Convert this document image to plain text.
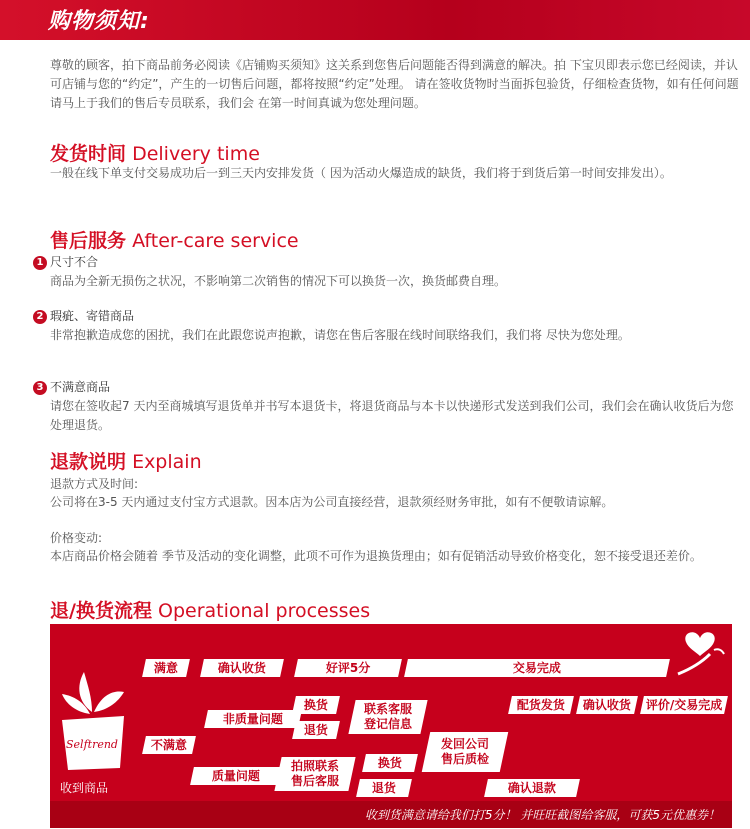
购物须知:

尊敬的顾客，拍下商品前务必阅读《店铺购买须知》这关系到您售后问题能否得到满意的解决。拍 下宝贝即表示您已经阅读，并认可店铺与您的“约定”，产生的一切售后问题，都将按照“约定”处理。 请在签收货物时当面拆包验货，仔细检查货物，如有任何问题请马上于我们的售后专员联系，我们会 在第一时间真诚为您处理问题。

发货时间 Delivery time

一般在线下单支付交易成功后一到三天内安排发货（ 因为活动火爆造成的缺货，我们将于到货后第一时间安排发出）。

售后服务 After-care service
1 尺寸不合

商品为全新无损伤之状况，不影响第二次销售的情况下可以换货一次，换货邮费自理。

2 瑕疵、寄错商品

非常抱歉造成您的困扰，我们在此跟您说声抱歉，请您在售后客服在线时间联络我们，我们将 尽快为您处理。

3 不满意商品

请您在签收起7 天内至商城填写退货单并书写本退货卡，将退货商品与本卡以快递形式发送到我们公司，我们会在确认收货后为您处理退货。

退款说明 Explain
退款方式及时间:

公司将在3-5 天内通过支付宝方式退款。因本店为公司直接经营，退款须经财务审批，如有不便敬请谅解。

价格变动:

本店商品价格会随着 季节及活动的变化调整，此项不可作为退换货理由；如有促销活动导致价格变化，恕不接受退还差价。

退/换货流程 Operational processes
Selftrend
收到商品
满意	确认收货	好评5分	交易完成
不满意
非质量问题
质量问题
换货
退货
联系客服登记信息
拍照联系售后客服
换货
退货
发回公司售后质检
配货发货 确认收货 评价/交易完成
确认退款
收到货满意请给我们打5分！ 并旺旺截图给客服，可获5元优惠券！
